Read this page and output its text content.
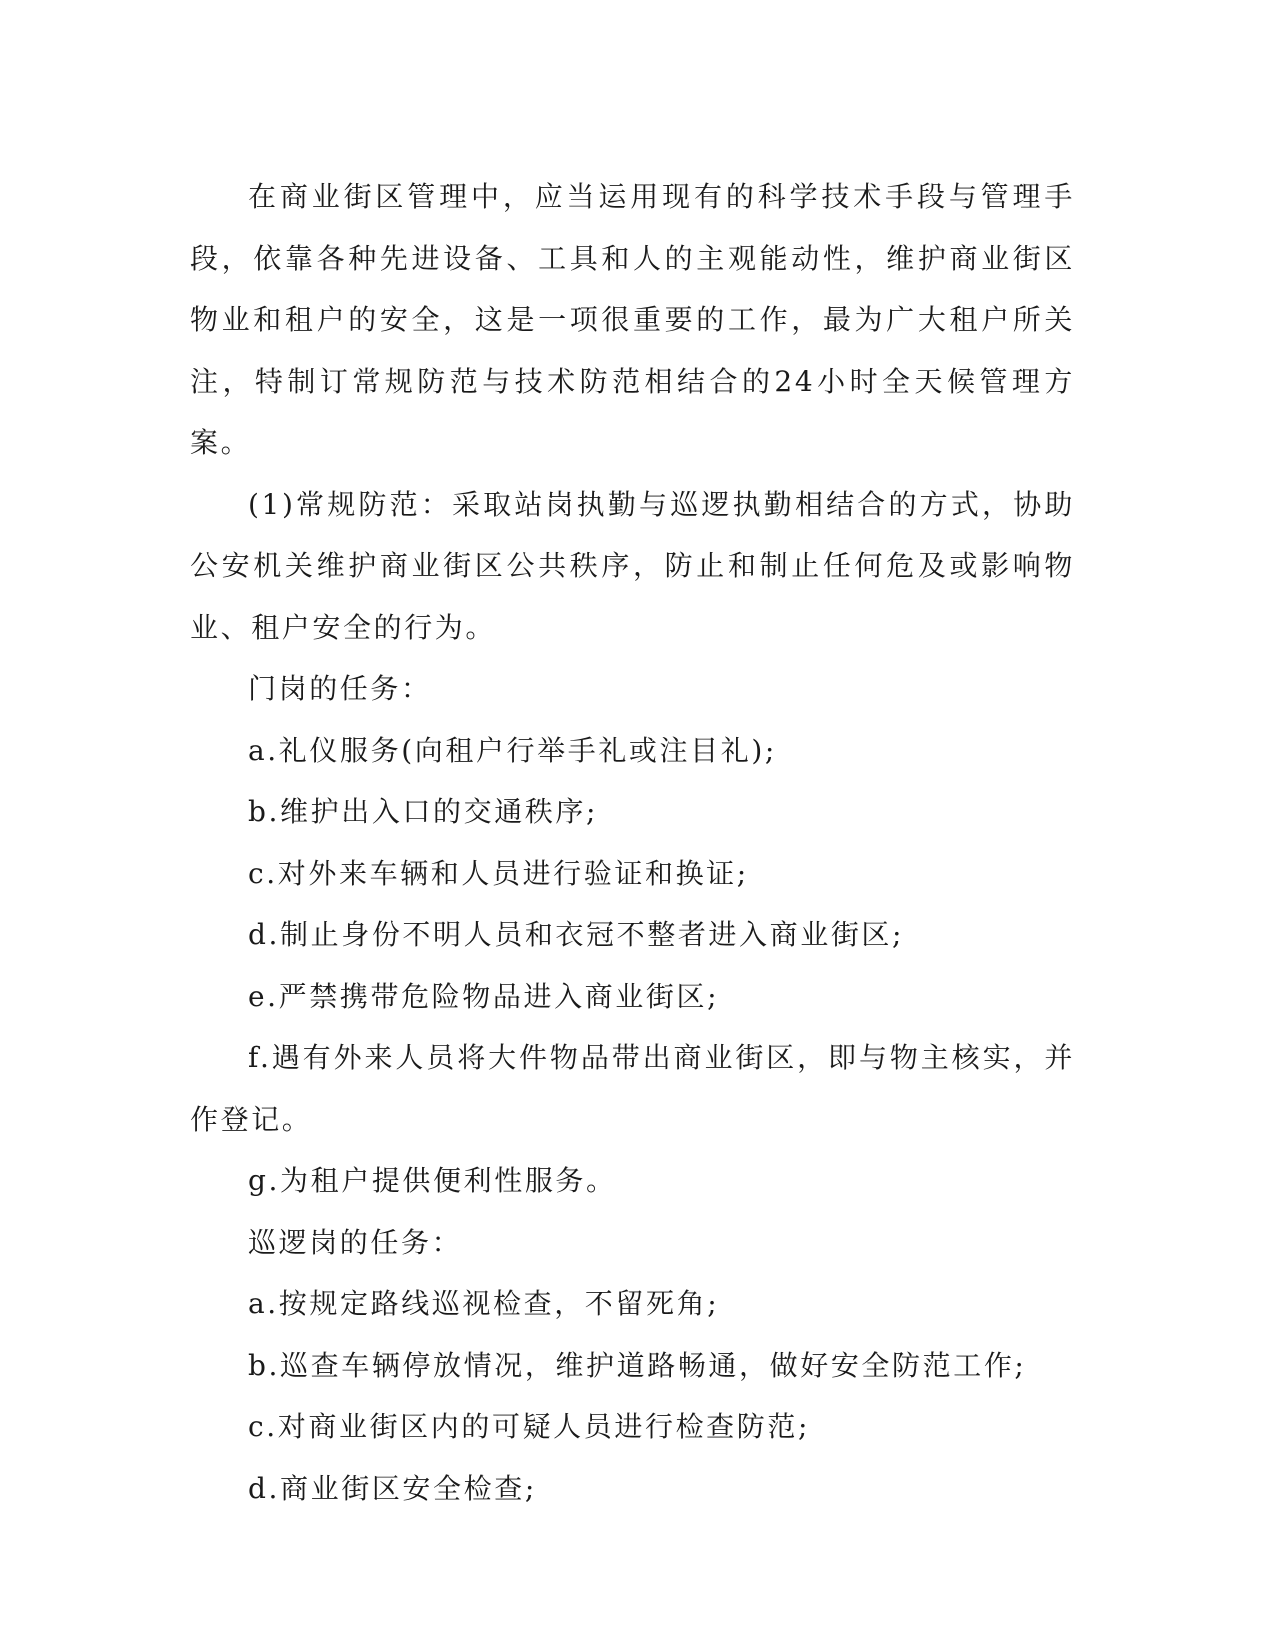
在商业街区管理中，应当运用现有的科学技术手段与管理手段，依靠各种先进设备、工具和人的主观能动性，维护商业街区物业和租户的安全，这是一项很重要的工作，最为广大租户所关注，特制订常规防范与技术防范相结合的24小时全天候管理方案。

(1)常规防范：采取站岗执勤与巡逻执勤相结合的方式，协助公安机关维护商业街区公共秩序，防止和制止任何危及或影响物业、租户安全的行为。

门岗的任务：

a.礼仪服务(向租户行举手礼或注目礼);

b.维护出入口的交通秩序;

c.对外来车辆和人员进行验证和换证;

d.制止身份不明人员和衣冠不整者进入商业街区;

e.严禁携带危险物品进入商业街区;

f.遇有外来人员将大件物品带出商业街区，即与物主核实，并作登记。

g.为租户提供便利性服务。

巡逻岗的任务：

a.按规定路线巡视检查，不留死角;

b.巡查车辆停放情况，维护道路畅通，做好安全防范工作;

c.对商业街区内的可疑人员进行检查防范;

d.商业街区安全检查;
